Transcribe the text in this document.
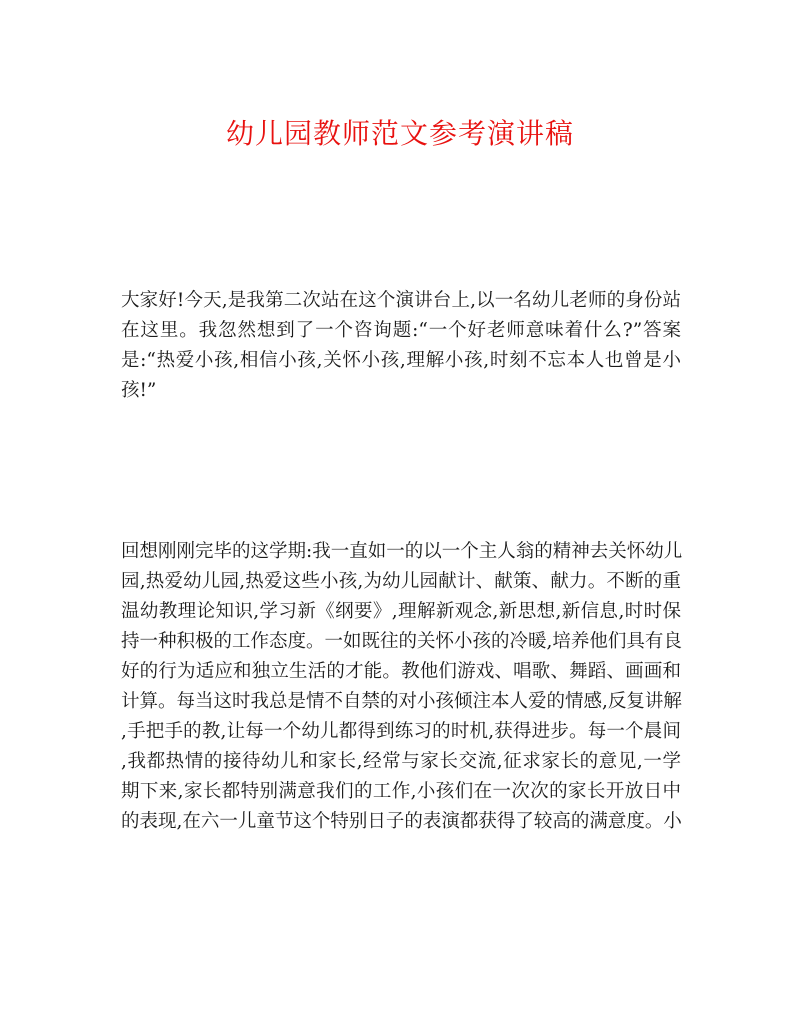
幼儿园教师范文参考演讲稿
大家好!今天,是我第二次站在这个演讲台上,以一名幼儿老师的身份站
在这里。我忽然想到了一个咨询题:“一个好老师意味着什么?”答案
是:“热爱小孩,相信小孩,关怀小孩,理解小孩,时刻不忘本人也曾是小
孩!”
回想刚刚完毕的这学期:我一直如一的以一个主人翁的精神去关怀幼儿
园,热爱幼儿园,热爱这些小孩,为幼儿园献计、献策、献力。不断的重
温幼教理论知识,学习新《纲要》,理解新观念,新思想,新信息,时时保
持一种积极的工作态度。一如既往的关怀小孩的冷暖,培养他们具有良
好的行为适应和独立生活的才能。教他们游戏、唱歌、舞蹈、画画和
计算。每当这时我总是情不自禁的对小孩倾注本人爱的情感,反复讲解
,手把手的教,让每一个幼儿都得到练习的时机,获得进步。每一个晨间
,我都热情的接待幼儿和家长,经常与家长交流,征求家长的意见,一学
期下来,家长都特别满意我们的工作,小孩们在一次次的家长开放日中
的表现,在六一儿童节这个特别日子的表演都获得了较高的满意度。小
